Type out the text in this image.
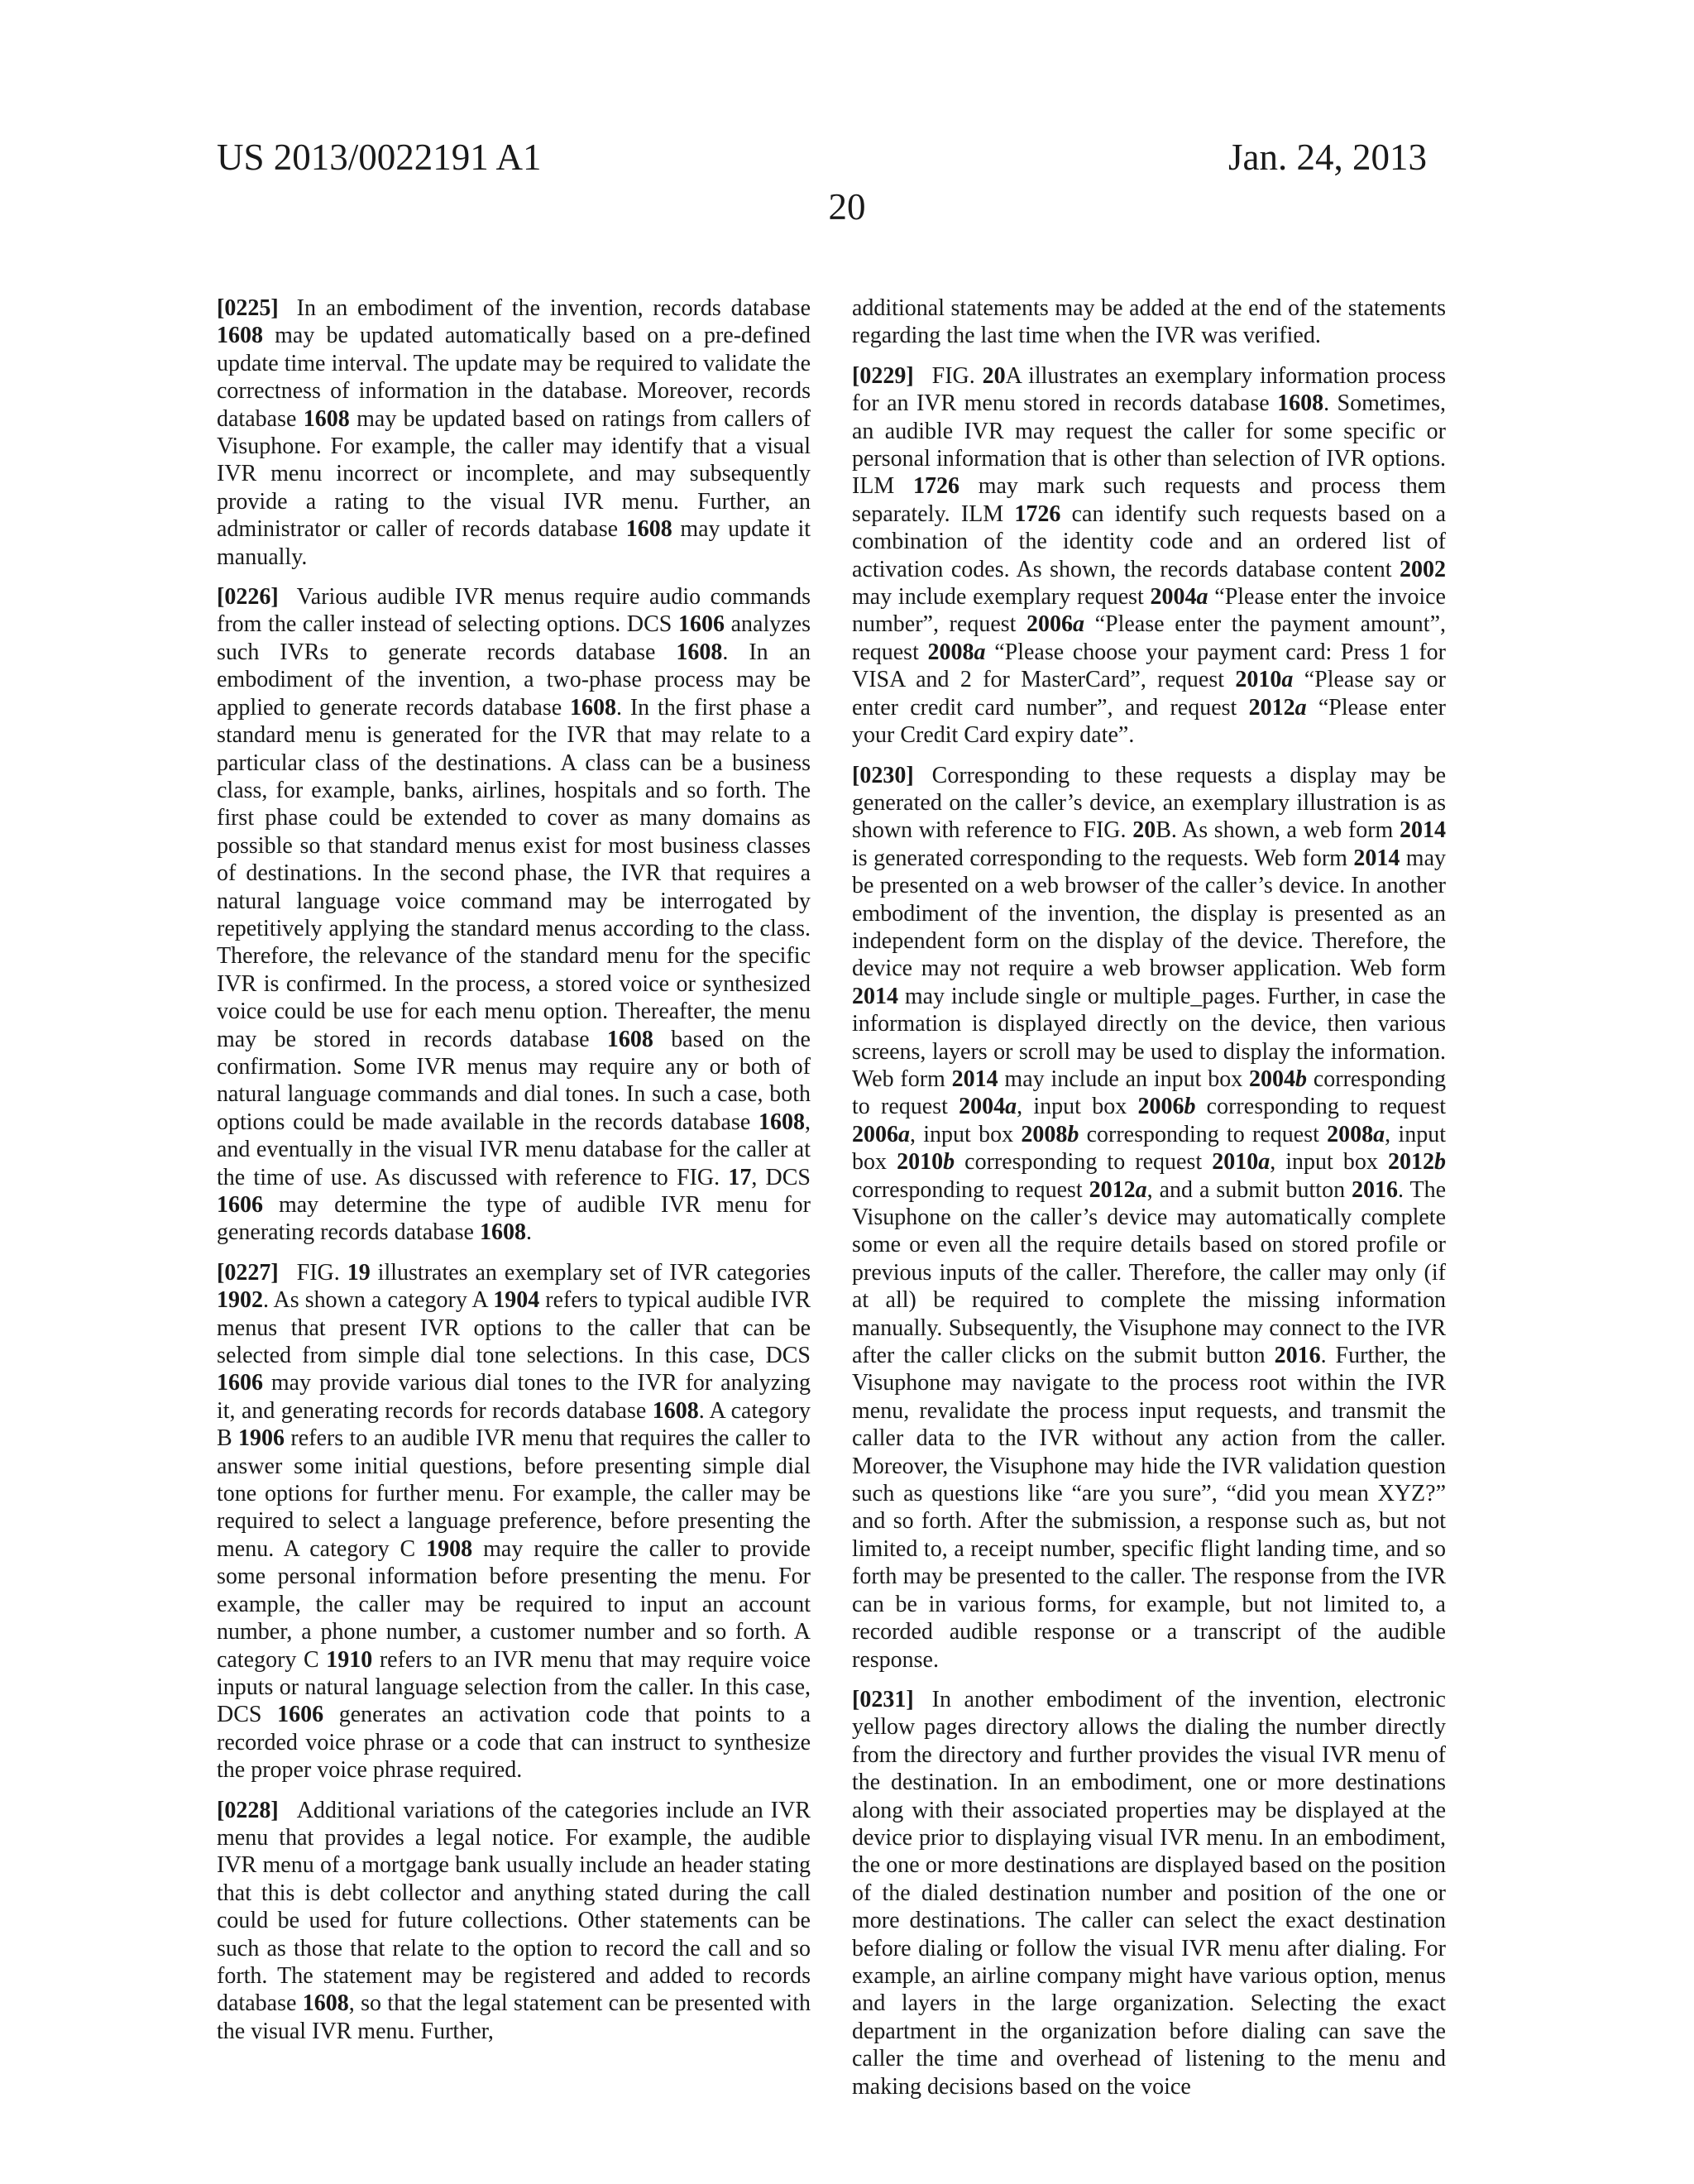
US 2013/0022191 A1	Jan. 24, 2013
20

[0225] In an embodiment of the invention, records database 1608 may be updated automatically based on a pre-defined update time interval. The update may be required to validate the correctness of information in the database. Moreover, records database 1608 may be updated based on ratings from callers of Visuphone. For example, the caller may identify that a visual IVR menu incorrect or incomplete, and may subsequently provide a rating to the visual IVR menu. Further, an administrator or caller of records database 1608 may update it manually.

[0226] Various audible IVR menus require audio commands from the caller instead of selecting options. DCS 1606 analyzes such IVRs to generate records database 1608. In an embodiment of the invention, a two-phase process may be applied to generate records database 1608. In the first phase a standard menu is generated for the IVR that may relate to a particular class of the destinations. A class can be a business class, for example, banks, airlines, hospitals and so forth. The first phase could be extended to cover as many domains as possible so that standard menus exist for most business classes of destinations. In the second phase, the IVR that requires a natural language voice command may be interrogated by repetitively applying the standard menus according to the class. Therefore, the relevance of the standard menu for the specific IVR is confirmed. In the process, a stored voice or synthesized voice could be use for each menu option. Thereafter, the menu may be stored in records database 1608 based on the confirmation. Some IVR menus may require any or both of natural language commands and dial tones. In such a case, both options could be made available in the records database 1608, and eventually in the visual IVR menu database for the caller at the time of use. As discussed with reference to FIG. 17, DCS 1606 may determine the type of audible IVR menu for generating records database 1608.

[0227] FIG. 19 illustrates an exemplary set of IVR categories 1902. As shown a category A 1904 refers to typical audible IVR menus that present IVR options to the caller that can be selected from simple dial tone selections. In this case, DCS 1606 may provide various dial tones to the IVR for analyzing it, and generating records for records database 1608. A category B 1906 refers to an audible IVR menu that requires the caller to answer some initial questions, before presenting simple dial tone options for further menu. For example, the caller may be required to select a language preference, before presenting the menu. A category C 1908 may require the caller to provide some personal information before presenting the menu. For example, the caller may be required to input an account number, a phone number, a customer number and so forth. A category C 1910 refers to an IVR menu that may require voice inputs or natural language selection from the caller. In this case, DCS 1606 generates an activation code that points to a recorded voice phrase or a code that can instruct to synthesize the proper voice phrase required.

[0228] Additional variations of the categories include an IVR menu that provides a legal notice. For example, the audible IVR menu of a mortgage bank usually include an header stating that this is debt collector and anything stated during the call could be used for future collections. Other statements can be such as those that relate to the option to record the call and so forth. The statement may be registered and added to records database 1608, so that the legal statement can be presented with the visual IVR menu. Further,

additional statements may be added at the end of the statements regarding the last time when the IVR was verified.

[0229] FIG. 20A illustrates an exemplary information process for an IVR menu stored in records database 1608. Sometimes, an audible IVR may request the caller for some specific or personal information that is other than selection of IVR options. ILM 1726 may mark such requests and process them separately. ILM 1726 can identify such requests based on a combination of the identity code and an ordered list of activation codes. As shown, the records database content 2002 may include exemplary request 2004a “Please enter the invoice number”, request 2006a “Please enter the payment amount”, request 2008a “Please choose your payment card: Press 1 for VISA and 2 for MasterCard”, request 2010a “Please say or enter credit card number”, and request 2012a “Please enter your Credit Card expiry date”.

[0230] Corresponding to these requests a display may be generated on the caller’s device, an exemplary illustration is as shown with reference to FIG. 20B. As shown, a web form 2014 is generated corresponding to the requests. Web form 2014 may be presented on a web browser of the caller’s device. In another embodiment of the invention, the display is presented as an independent form on the display of the device. Therefore, the device may not require a web browser application. Web form 2014 may include single or multiple_pages. Further, in case the information is displayed directly on the device, then various screens, layers or scroll may be used to display the information. Web form 2014 may include an input box 2004b corresponding to request 2004a, input box 2006b corresponding to request 2006a, input box 2008b corresponding to request 2008a, input box 2010b corresponding to request 2010a, input box 2012b corresponding to request 2012a, and a submit button 2016. The Visuphone on the caller’s device may automatically complete some or even all the require details based on stored profile or previous inputs of the caller. Therefore, the caller may only (if at all) be required to complete the missing information manually. Subsequently, the Visuphone may connect to the IVR after the caller clicks on the submit button 2016. Further, the Visuphone may navigate to the process root within the IVR menu, revalidate the process input requests, and transmit the caller data to the IVR without any action from the caller. Moreover, the Visuphone may hide the IVR validation question such as questions like “are you sure”, “did you mean XYZ?” and so forth. After the submission, a response such as, but not limited to, a receipt number, specific flight landing time, and so forth may be presented to the caller. The response from the IVR can be in various forms, for example, but not limited to, a recorded audible response or a transcript of the audible response.

[0231] In another embodiment of the invention, electronic yellow pages directory allows the dialing the number directly from the directory and further provides the visual IVR menu of the destination. In an embodiment, one or more destinations along with their associated properties may be displayed at the device prior to displaying visual IVR menu. In an embodiment, the one or more destinations are displayed based on the position of the dialed destination number and position of the one or more destinations. The caller can select the exact destination before dialing or follow the visual IVR menu after dialing. For example, an airline company might have various option, menus and layers in the large organization. Selecting the exact department in the organization before dialing can save the caller the time and overhead of listening to the menu and making decisions based on the voice
